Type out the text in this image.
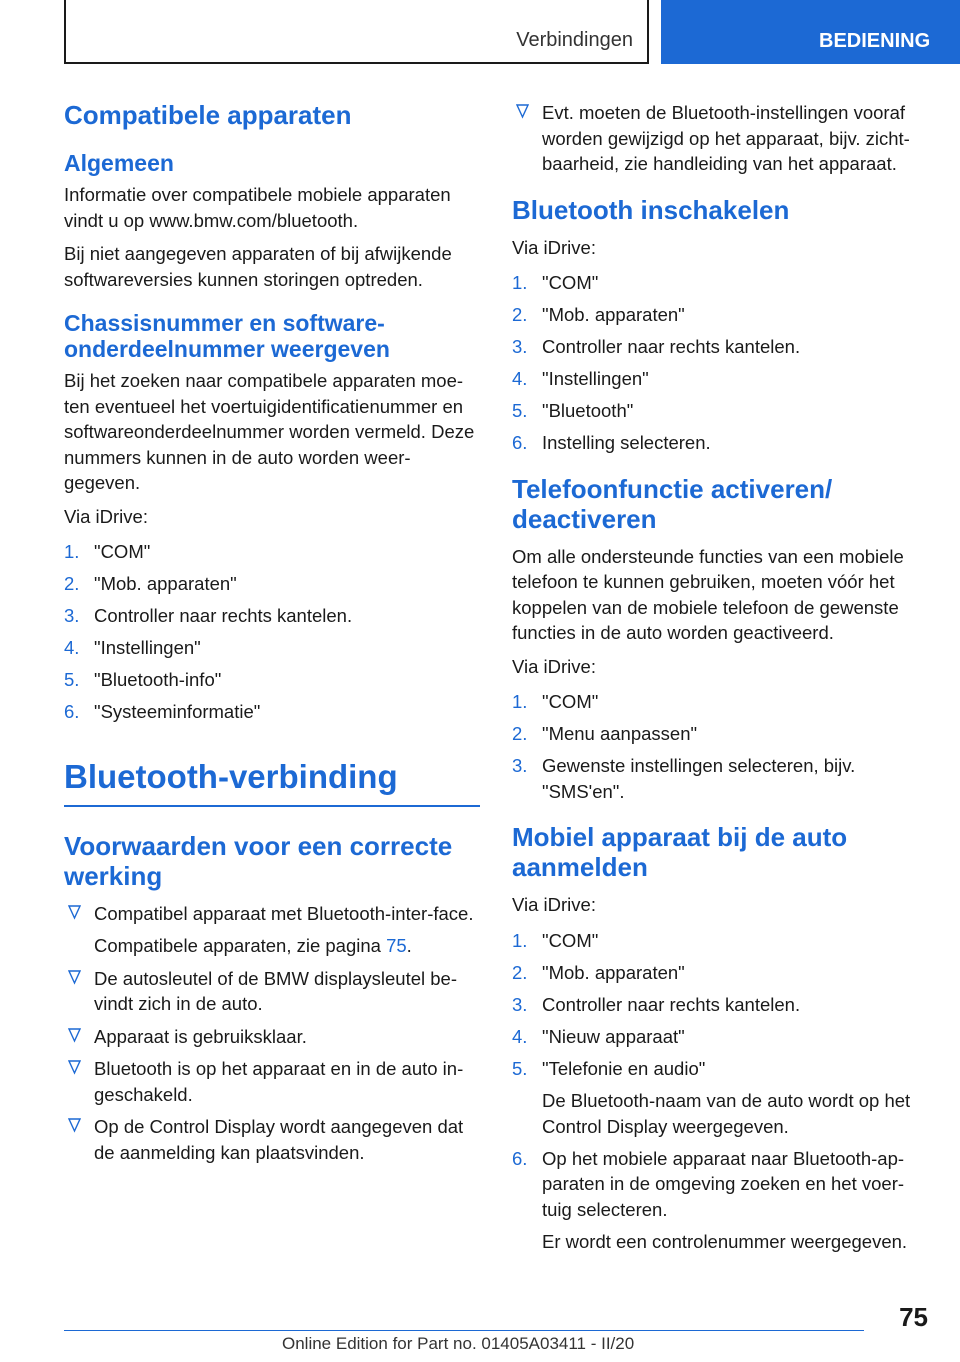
Verbindingen	BEDIENING
Compatibele apparaten
Algemeen

Informatie over compatibele mobiele apparaten vindt u op www.bmw.com/bluetooth.

Bij niet aangegeven apparaten of bij afwijkende softwareversies kunnen storingen optreden.

Chassisnummer en software-onderdeelnummer weergeven

Bij het zoeken naar compatibele apparaten moe-ten eventueel het voertuigidentificatienummer en softwareonderdeelnummer worden vermeld. Deze nummers kunnen in de auto worden weer-gegeven.

Via iDrive:

1. "COM"
2. "Mob. apparaten"
3. Controller naar rechts kantelen.
4. "Instellingen"
5. "Bluetooth-info"
6. "Systeeminformatie"
Bluetooth-verbinding
Voorwaarden voor een correcte werking
Compatibel apparaat met Bluetooth-inter-face.
Compatibele apparaten, zie pagina 75.
De autosleutel of de BMW displaysleutel be-vindt zich in de auto.
Apparaat is gebruiksklaar.
Bluetooth is op het apparaat en in de auto in-geschakeld.
Op de Control Display wordt aangegeven dat de aanmelding kan plaatsvinden.
Evt. moeten de Bluetooth-instellingen vooraf worden gewijzigd op het apparaat, bijv. zicht-baarheid, zie handleiding van het apparaat.
Bluetooth inschakelen

Via iDrive:

1. "COM"
2. "Mob. apparaten"
3. Controller naar rechts kantelen.
4. "Instellingen"
5. "Bluetooth"
6. Instelling selecteren.
Telefoonfunctie activeren/ deactiveren

Om alle ondersteunde functies van een mobiele telefoon te kunnen gebruiken, moeten vóór het koppelen van de mobiele telefoon de gewenste functies in de auto worden geactiveerd.

Via iDrive:

1. "COM"
2. "Menu aanpassen"
3. Gewenste instellingen selecteren, bijv. "SMS'en".
Mobiel apparaat bij de auto aanmelden

Via iDrive:

1. "COM"
2. "Mob. apparaten"
3. Controller naar rechts kantelen.
4. "Nieuw apparaat"
5. "Telefonie en audio"
De Bluetooth-naam van de auto wordt op het Control Display weergegeven.
6. Op het mobiele apparaat naar Bluetooth-ap-paraten in de omgeving zoeken en het voer-tuig selecteren.
Er wordt een controlenummer weergegeven.
75
Online Edition for Part no. 01405A03411 - II/20
